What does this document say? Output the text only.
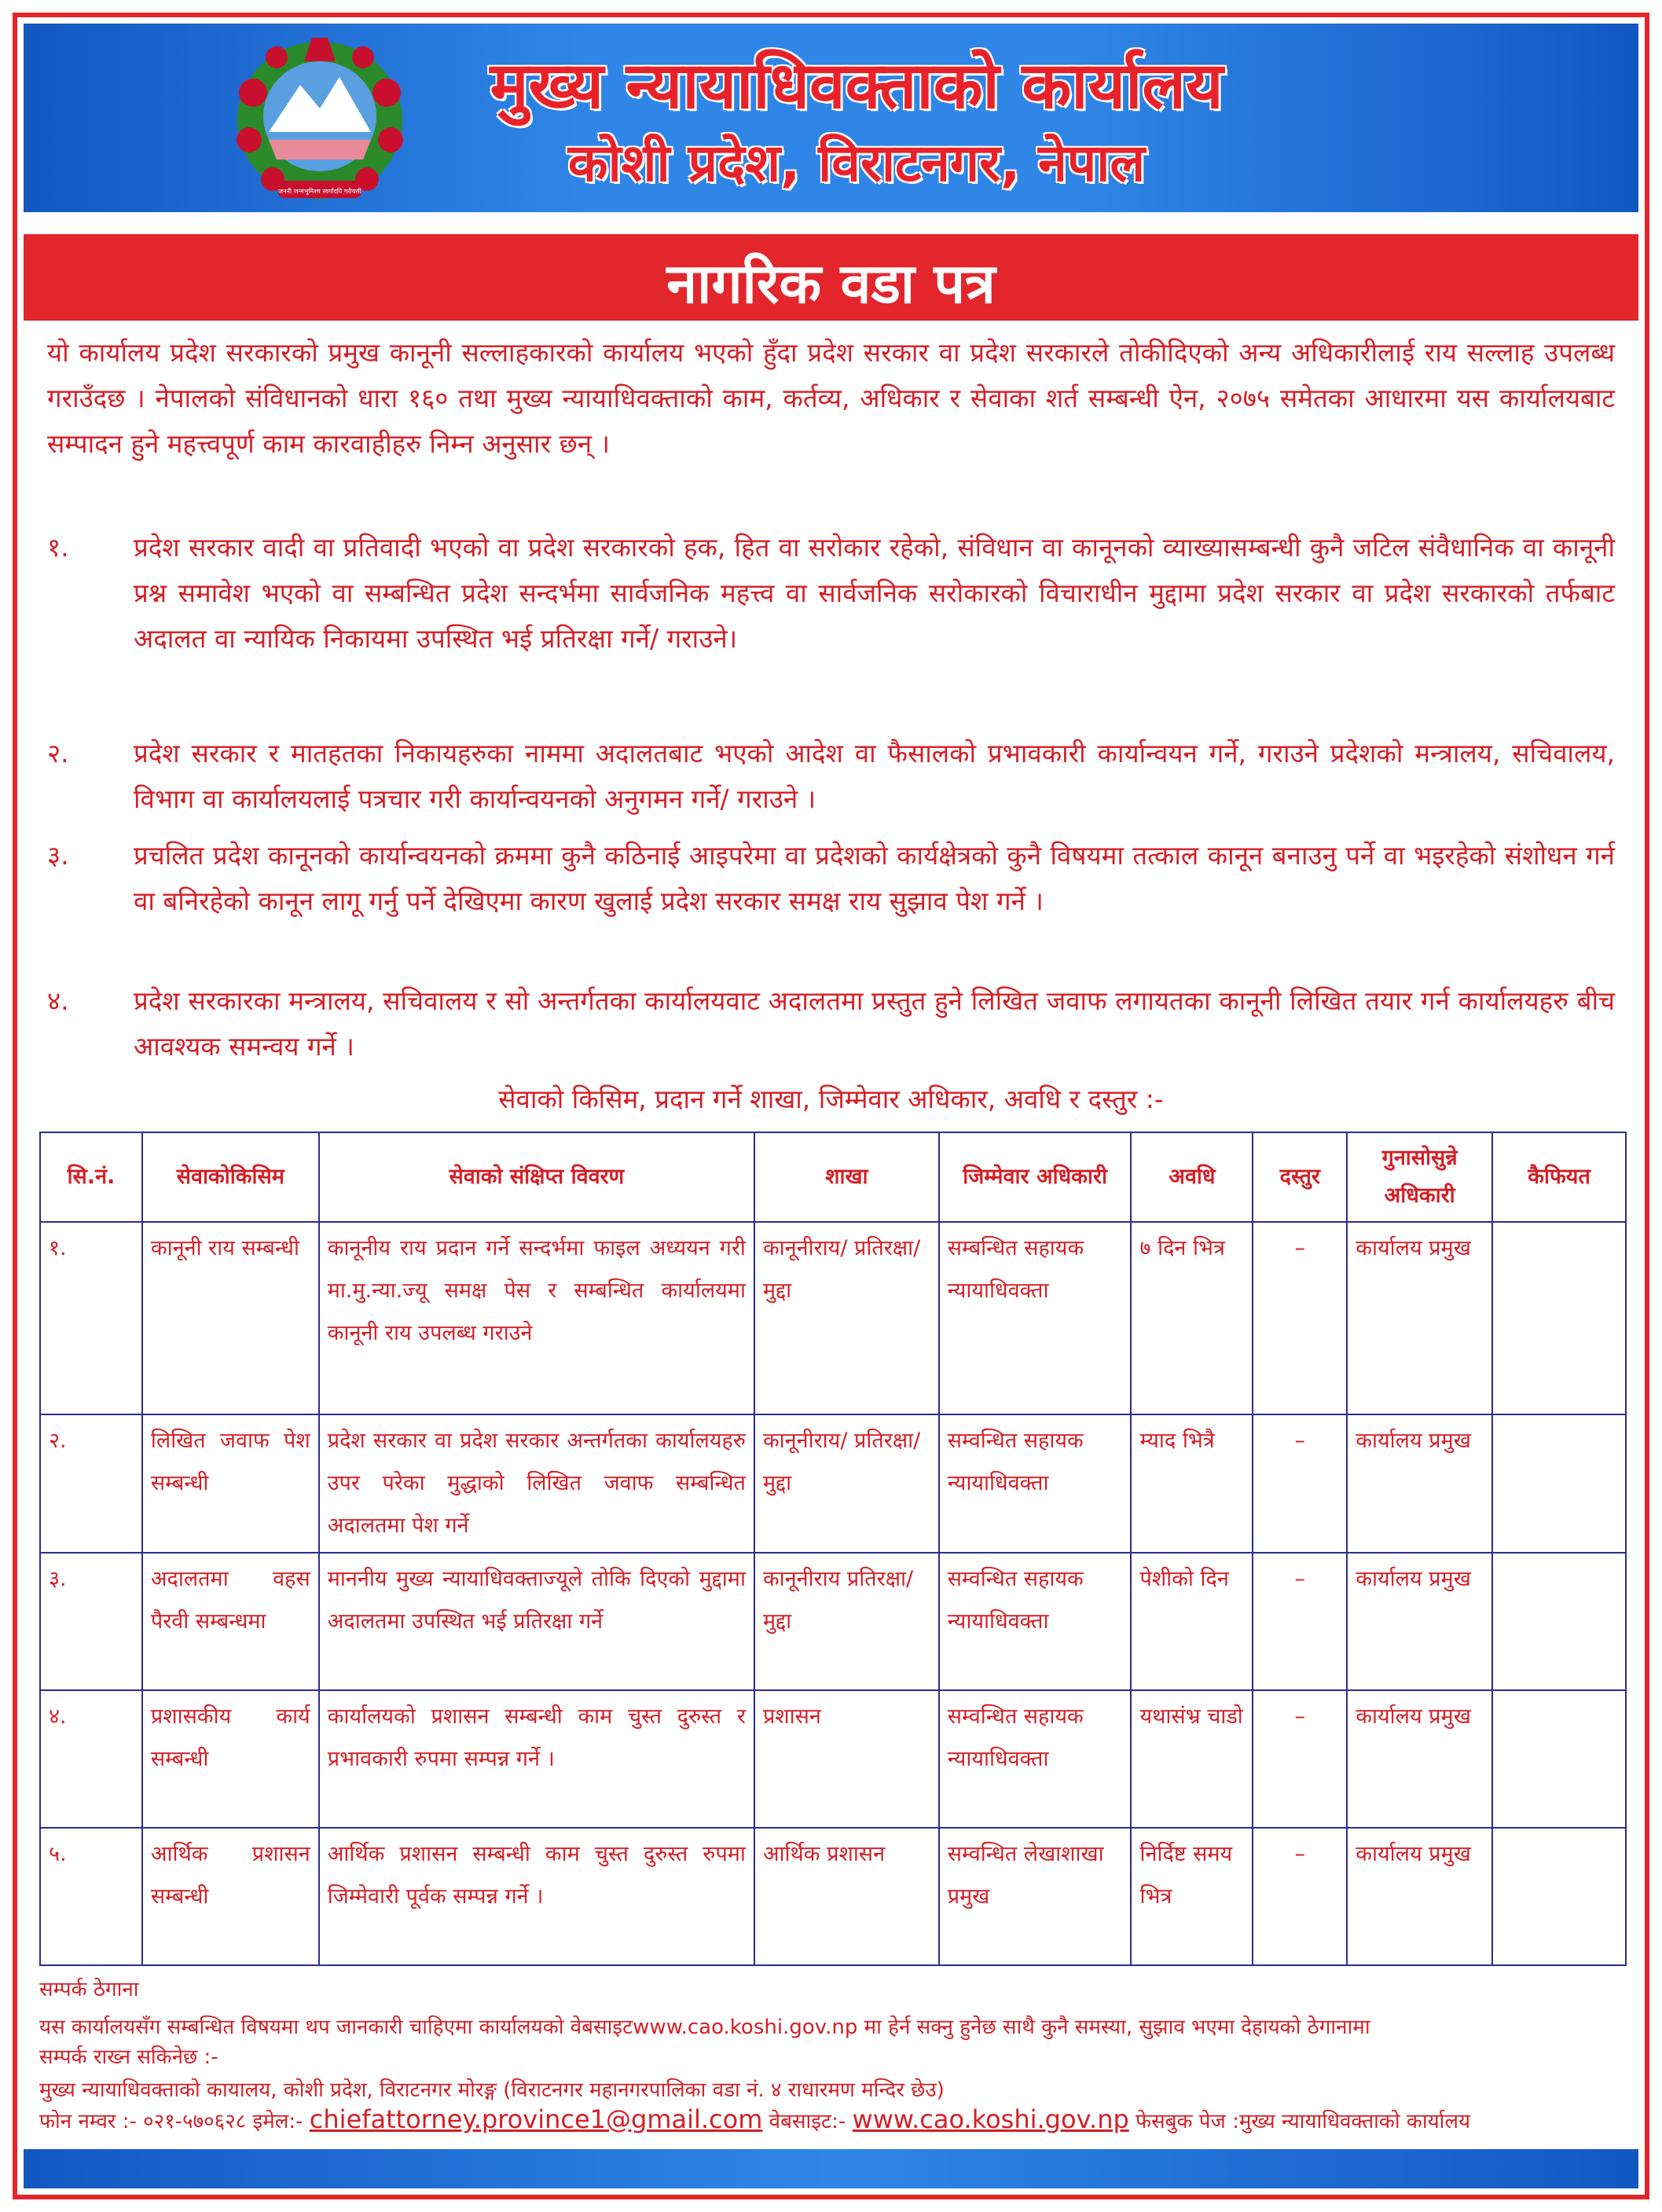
जननी जन्मभूमिश्च स्वर्गादपि गरीयसी
मुख्य न्यायाधिवक्ताको कार्यालय
कोशी प्रदेश, विराटनगर, नेपाल
नागरिक वडा पत्र
यो कार्यालय प्रदेश सरकारको प्रमुख कानूनी सल्लाहकारको कार्यालय भएको हुँदा प्रदेश सरकार वा प्रदेश सरकारले तोकीदिएको अन्य अधिकारीलाई राय सल्लाह उपलब्ध गराउँदछ । नेपालको संविधानको धारा १६० तथा मुख्य न्यायाधिवक्ताको काम, कर्तव्य, अधिकार र सेवाका शर्त सम्बन्धी ऐन, २०७५ समेतका आधारमा यस कार्यालयबाट सम्पादन हुने महत्त्वपूर्ण काम कारवाहीहरु निम्न अनुसार छन् ।
१.	प्रदेश सरकार वादी वा प्रतिवादी भएको वा प्रदेश सरकारको हक, हित वा सरोकार रहेको, संविधान वा कानूनको व्याख्यासम्बन्धी कुनै जटिल संवैधानिक वा कानूनी प्रश्न समावेश भएको वा सम्बन्धित प्रदेश सन्दर्भमा सार्वजनिक महत्त्व वा सार्वजनिक सरोकारको विचाराधीन मुद्दामा प्रदेश सरकार वा प्रदेश सरकारको तर्फबाट अदालत वा न्यायिक निकायमा उपस्थित भई प्रतिरक्षा गर्ने/ गराउने।
२.	प्रदेश सरकार र मातहतका निकायहरुका नाममा अदालतबाट भएको आदेश वा फैसालको प्रभावकारी कार्यान्वयन गर्ने, गराउने प्रदेशको मन्त्रालय, सचिवालय, विभाग वा कार्यालयलाई पत्रचार गरी कार्यान्वयनको अनुगमन गर्ने/ गराउने ।
३.	प्रचलित प्रदेश कानूनको कार्यान्वयनको क्रममा कुनै कठिनाई आइपरेमा वा प्रदेशको कार्यक्षेत्रको कुनै विषयमा तत्काल कानून बनाउनु पर्ने वा भइरहेको संशोधन गर्न वा बनिरहेको कानून लागू गर्नु पर्ने देखिएमा कारण खुलाई प्रदेश सरकार समक्ष राय सुझाव पेश गर्ने ।
४.	प्रदेश सरकारका मन्त्रालय, सचिवालय र सो अन्तर्गतका कार्यालयवाट अदालतमा प्रस्तुत हुने लिखित जवाफ लगायतका कानूनी लिखित तयार गर्न कार्यालयहरु बीच आवश्यक समन्वय गर्ने ।
सेवाको किसिम, प्रदान गर्ने शाखा, जिम्मेवार अधिकार, अवधि र दस्तुर :-
सि.नं.	सेवाकोकिसिम	सेवाको संक्षिप्त विवरण	शाखा	जिम्मेवार अधिकारी	अवधि	दस्तुर	गुनासोसुन्ने अधिकारी	कैफियत
१.	कानूनी राय सम्बन्धी	कानूनीय राय प्रदान गर्ने सन्दर्भमा फाइल अध्ययन गरी मा.मु.न्या.ज्यू समक्ष पेस र सम्बन्धित कार्यालयमा कानूनी राय उपलब्ध गराउने	कानूनीराय/ प्रतिरक्षा/मुद्दा	सम्बन्धित सहायक न्यायाधिवक्ता	७ दिन भित्र	–	कार्यालय प्रमुख	
२.	लिखित जवाफ पेश सम्बन्धी	प्रदेश सरकार वा प्रदेश सरकार अन्तर्गतका कार्यालयहरु उपर परेका मुद्धाको लिखित जवाफ सम्बन्धित अदालतमा पेश गर्ने	कानूनीराय/ प्रतिरक्षा/मुद्दा	सम्वन्धित सहायक न्यायाधिवक्ता	म्याद भित्रै	–	कार्यालय प्रमुख	
३.	अदालतमा वहस पैरवी सम्बन्धमा	माननीय मुख्य न्यायाधिवक्ताज्यूले तोकि दिएको मुद्दामा अदालतमा उपस्थित भई प्रतिरक्षा गर्ने	कानूनीराय प्रतिरक्षा/मुद्दा	सम्वन्धित सहायक न्यायाधिवक्ता	पेशीको दिन	–	कार्यालय प्रमुख	
४.	प्रशासकीय कार्य सम्बन्धी	कार्यालयको प्रशासन सम्बन्धी काम चुस्त दुरुस्त र प्रभावकारी रुपमा सम्पन्न गर्ने ।	प्रशासन	सम्वन्धित सहायक न्यायाधिवक्ता	यथासंभ्र चाडो	–	कार्यालय प्रमुख	
५.	आर्थिक प्रशासन सम्बन्धी	आर्थिक प्रशासन सम्बन्धी काम चुस्त दुरुस्त रुपमा जिम्मेवारी पूर्वक सम्पन्न गर्ने ।	आर्थिक प्रशासन	सम्वन्धित लेखाशाखा प्रमुख	निर्दिष्ट समय भित्र	–	कार्यालय प्रमुख	
सम्पर्क ठेगाना
यस कार्यालयसँग सम्बन्धित विषयमा थप जानकारी चाहिएमा कार्यालयको वेबसाइटwww.cao.koshi.gov.np मा हेर्न सक्नु हुनेछ साथै कुनै समस्या, सुझाव भएमा देहायको ठेगानामा
सम्पर्क राख्न सकिनेछ :-
मुख्य न्यायाधिवक्ताको कायालय, कोशी प्रदेश, विराटनगर मोरङ्ग (विराटनगर महानगरपालिका वडा नं. ४ राधारमण मन्दिर छेउ)
फोन नम्वर :- ०२१-५७०६२८ इमेल:- chiefattorney.province1@gmail.com वेबसाइट:- www.cao.koshi.gov.np फेसबुक पेज :मुख्य न्यायाधिवक्ताको कार्यालय
